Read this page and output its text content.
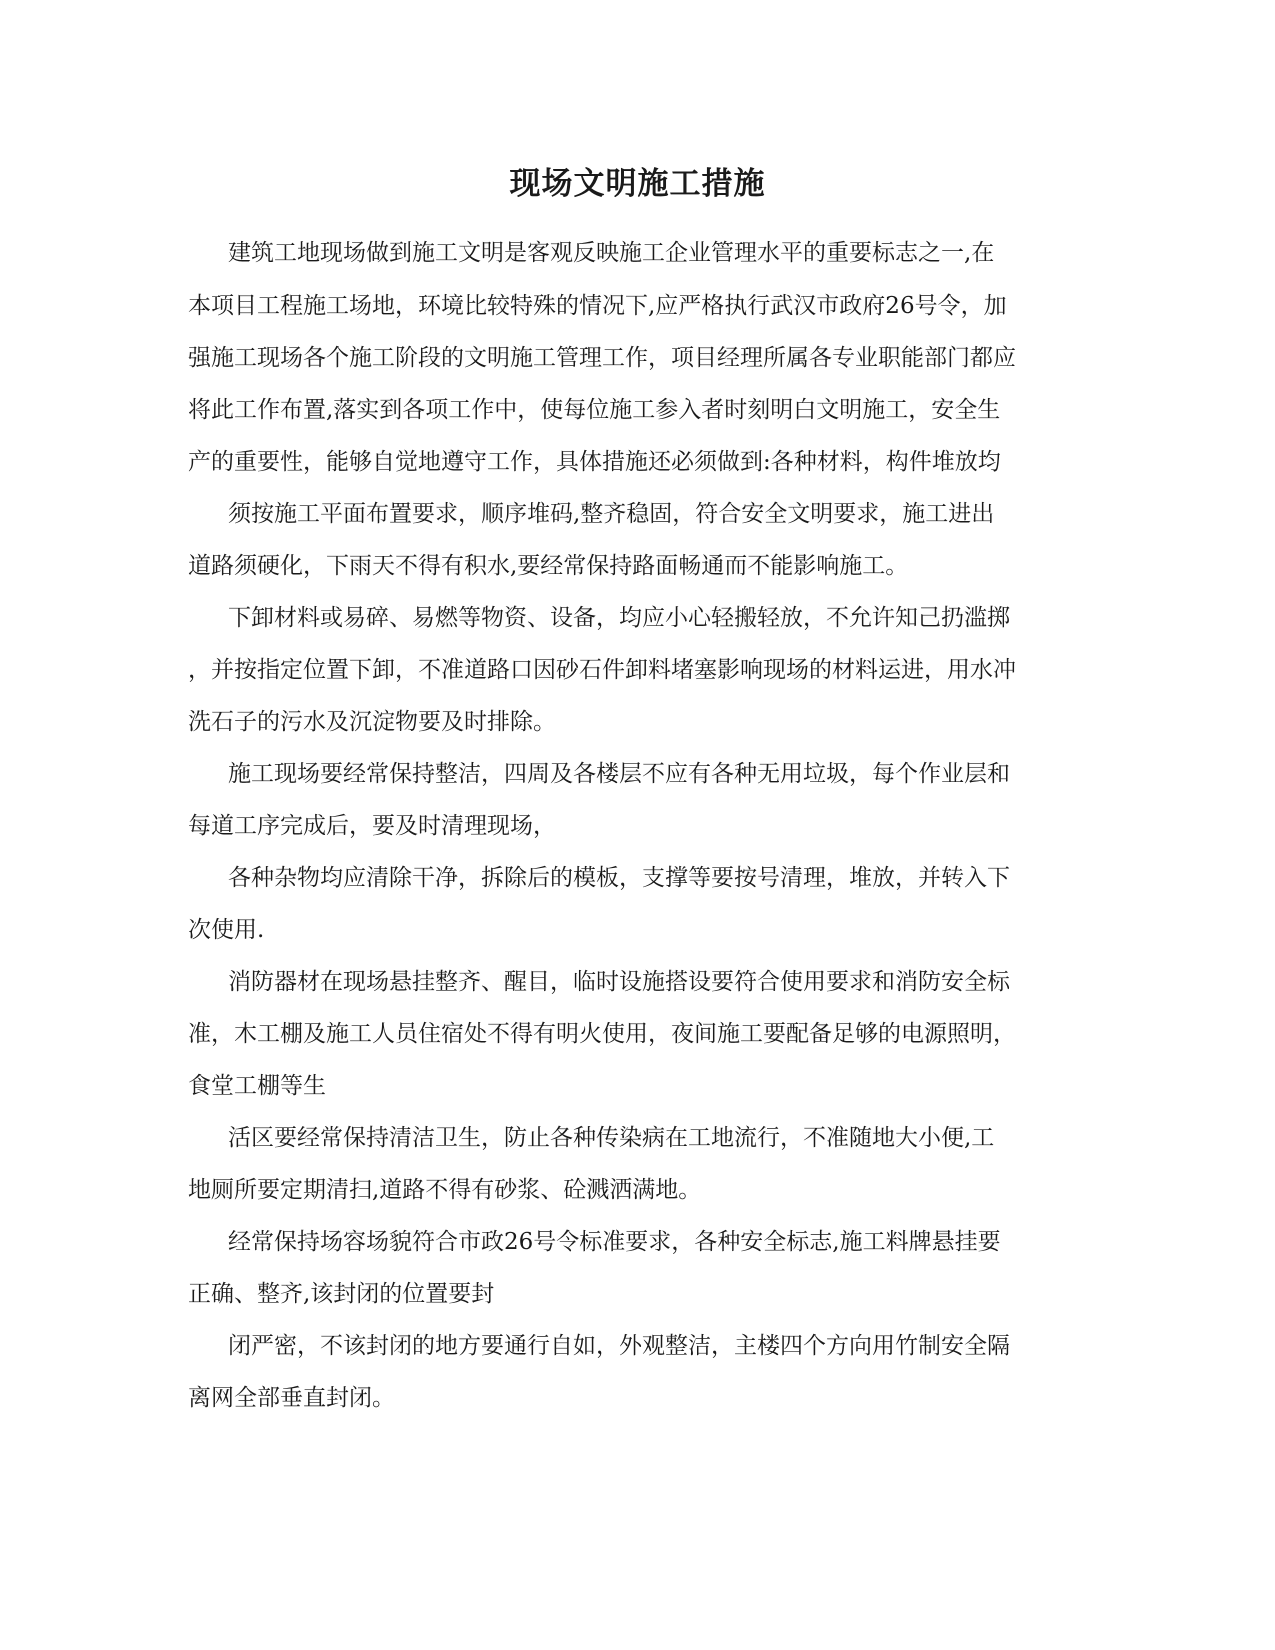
现场文明施工措施

建筑工地现场做到施工文明是客观反映施工企业管理水平的重要标志之一,在

本项目工程施工场地，环境比较特殊的情况下,应严格执行武汉市政府26号令，加

强施工现场各个施工阶段的文明施工管理工作，项目经理所属各专业职能部门都应

将此工作布置,落实到各项工作中，使每位施工参入者时刻明白文明施工，安全生

产的重要性，能够自觉地遵守工作，具体措施还必须做到:各种材料，构件堆放均

须按施工平面布置要求，顺序堆码,整齐稳固，符合安全文明要求，施工进出

道路须硬化，下雨天不得有积水,要经常保持路面畅通而不能影响施工。

下卸材料或易碎、易燃等物资、设备，均应小心轻搬轻放，不允许知己扔滥掷

，并按指定位置下卸，不准道路口因砂石件卸料堵塞影响现场的材料运进，用水冲

洗石子的污水及沉淀物要及时排除。

施工现场要经常保持整洁，四周及各楼层不应有各种无用垃圾，每个作业层和

每道工序完成后，要及时清理现场，

各种杂物均应清除干净，拆除后的模板，支撑等要按号清理，堆放，并转入下

次使用.

消防器材在现场悬挂整齐、醒目，临时设施搭设要符合使用要求和消防安全标

准，木工棚及施工人员住宿处不得有明火使用，夜间施工要配备足够的电源照明，

食堂工棚等生

活区要经常保持清洁卫生，防止各种传染病在工地流行，不准随地大小便,工

地厕所要定期清扫,道路不得有砂浆、砼溅洒满地。

经常保持场容场貌符合市政26号令标准要求，各种安全标志,施工料牌悬挂要

正确、整齐,该封闭的位置要封

闭严密，不该封闭的地方要通行自如，外观整洁，主楼四个方向用竹制安全隔

离网全部垂直封闭。
